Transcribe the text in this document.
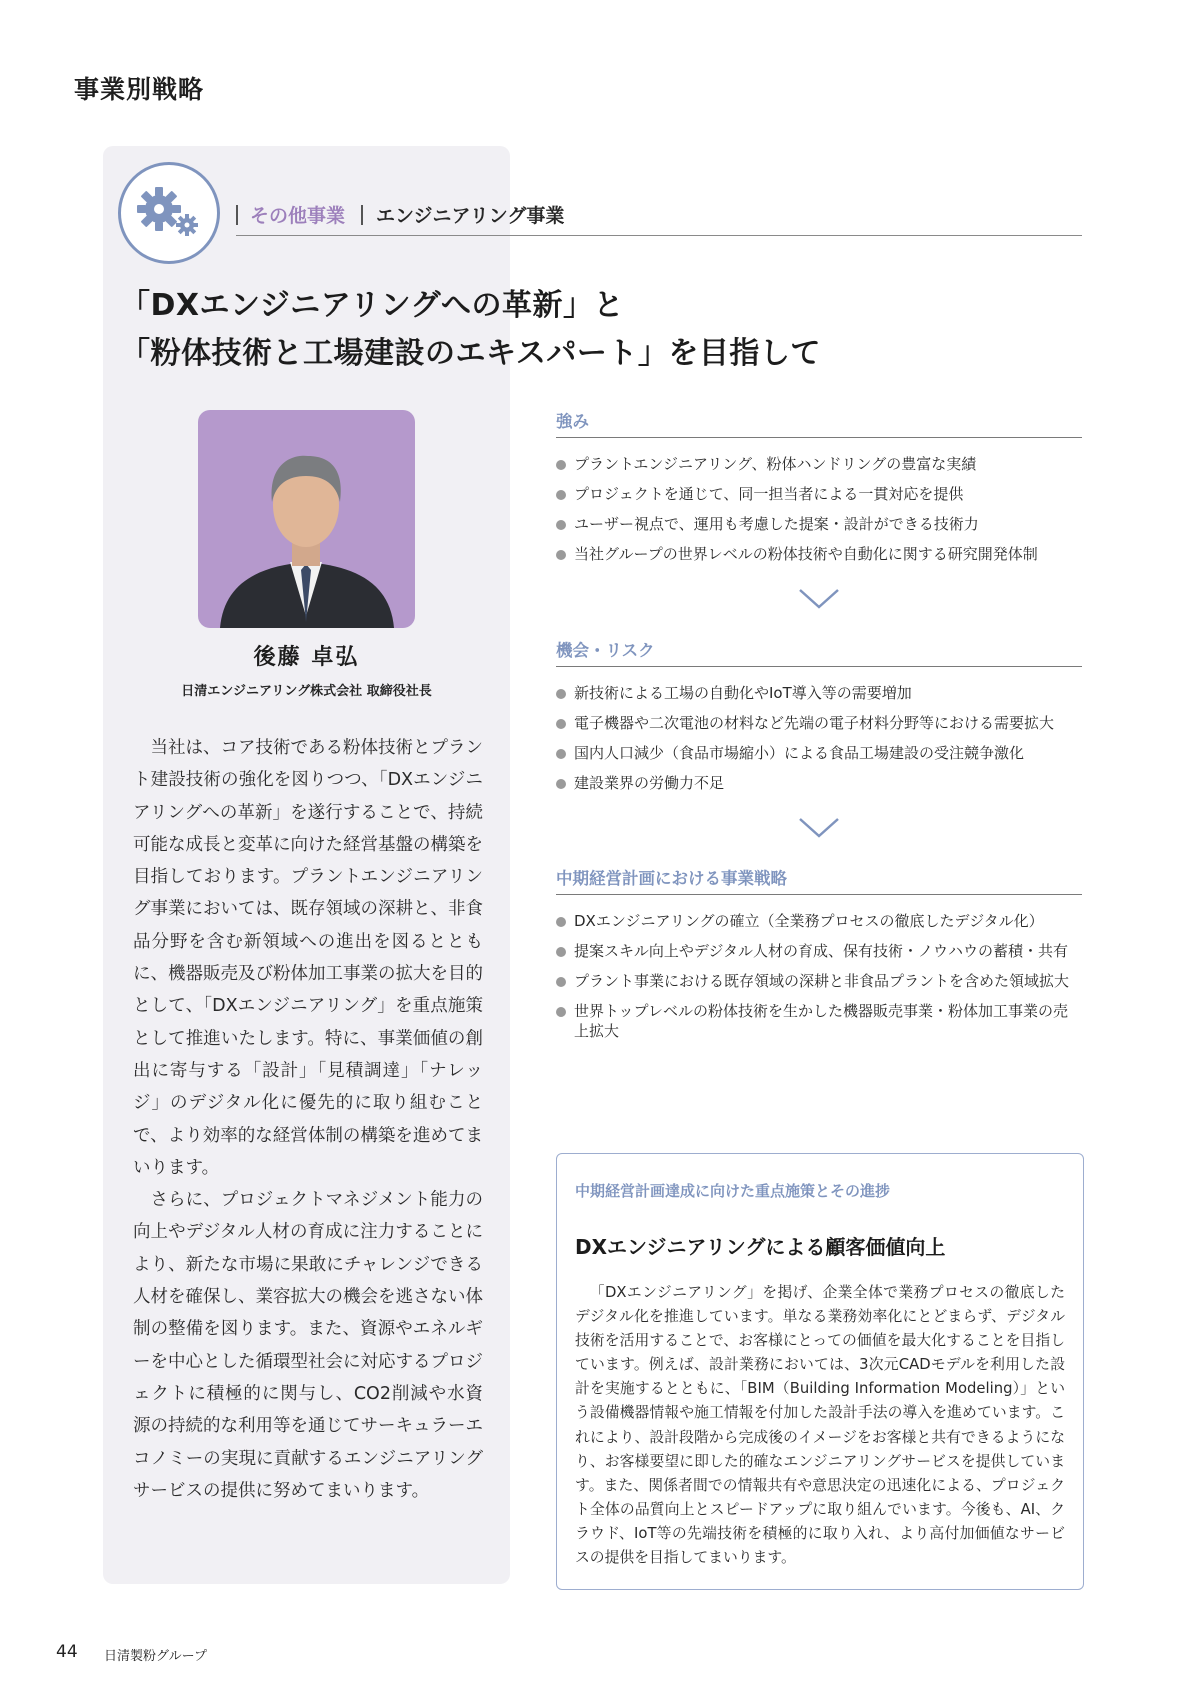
事業別戦略
その他事業 エンジニアリング事業
「DXエンジニアリングへの革新」と
「粉体技術と工場建設のエキスパート」を目指して
後藤 卓弘
日清エンジニアリング株式会社 取締役社長

当社は、コア技術である粉体技術とプラント建設技術の強化を図りつつ、「DXエンジニアリングへの革新」を遂行することで、持続可能な成長と変革に向けた経営基盤の構築を目指しております。プラントエンジニアリング事業においては、既存領域の深耕と、非食品分野を含む新領域への進出を図るとともに、機器販売及び粉体加工事業の拡大を目的として、「DXエンジニアリング」を重点施策として推進いたします。特に、事業価値の創出に寄与する「設計」「見積調達」「ナレッジ」のデジタル化に優先的に取り組むことで、より効率的な経営体制の構築を進めてまいります。

さらに、プロジェクトマネジメント能力の向上やデジタル人材の育成に注力することにより、新たな市場に果敢にチャレンジできる人材を確保し、業容拡大の機会を逃さない体制の整備を図ります。また、資源やエネルギーを中心とした循環型社会に対応するプロジェクトに積極的に関与し、CO2削減や水資源の持続的な利用等を通じてサーキュラーエコノミーの実現に貢献するエンジニアリングサービスの提供に努めてまいります。

強み
プラントエンジニアリング、粉体ハンドリングの豊富な実績
プロジェクトを通じて、同一担当者による一貫対応を提供
ユーザー視点で、運用も考慮した提案・設計ができる技術力
当社グループの世界レベルの粉体技術や自動化に関する研究開発体制
機会・リスク
新技術による工場の自動化やIoT導入等の需要増加
電子機器や二次電池の材料など先端の電子材料分野等における需要拡大
国内人口減少（食品市場縮小）による食品工場建設の受注競争激化
建設業界の労働力不足
中期経営計画における事業戦略
DXエンジニアリングの確立（全業務プロセスの徹底したデジタル化）
提案スキル向上やデジタル人材の育成、保有技術・ノウハウの蓄積・共有
プラント事業における既存領域の深耕と非食品プラントを含めた領域拡大
世界トップレベルの粉体技術を生かした機器販売事業・粉体加工事業の売上拡大
中期経営計画達成に向けた重点施策とその進捗
DXエンジニアリングによる顧客価値向上

「DXエンジニアリング」を掲げ、企業全体で業務プロセスの徹底したデジタル化を推進しています。単なる業務効率化にとどまらず、デジタル技術を活用することで、お客様にとっての価値を最大化することを目指しています。例えば、設計業務においては、3次元CADモデルを利用した設計を実施するとともに、「BIM（Building Information Modeling）」という設備機器情報や施工情報を付加した設計手法の導入を進めています。これにより、設計段階から完成後のイメージをお客様と共有できるようになり、お客様要望に即した的確なエンジニアリングサービスを提供しています。また、関係者間での情報共有や意思決定の迅速化による、プロジェクト全体の品質向上とスピードアップに取り組んでいます。今後も、AI、クラウド、IoT等の先端技術を積極的に取り入れ、より高付加価値なサービスの提供を目指してまいります。

44 日清製粉グループ
